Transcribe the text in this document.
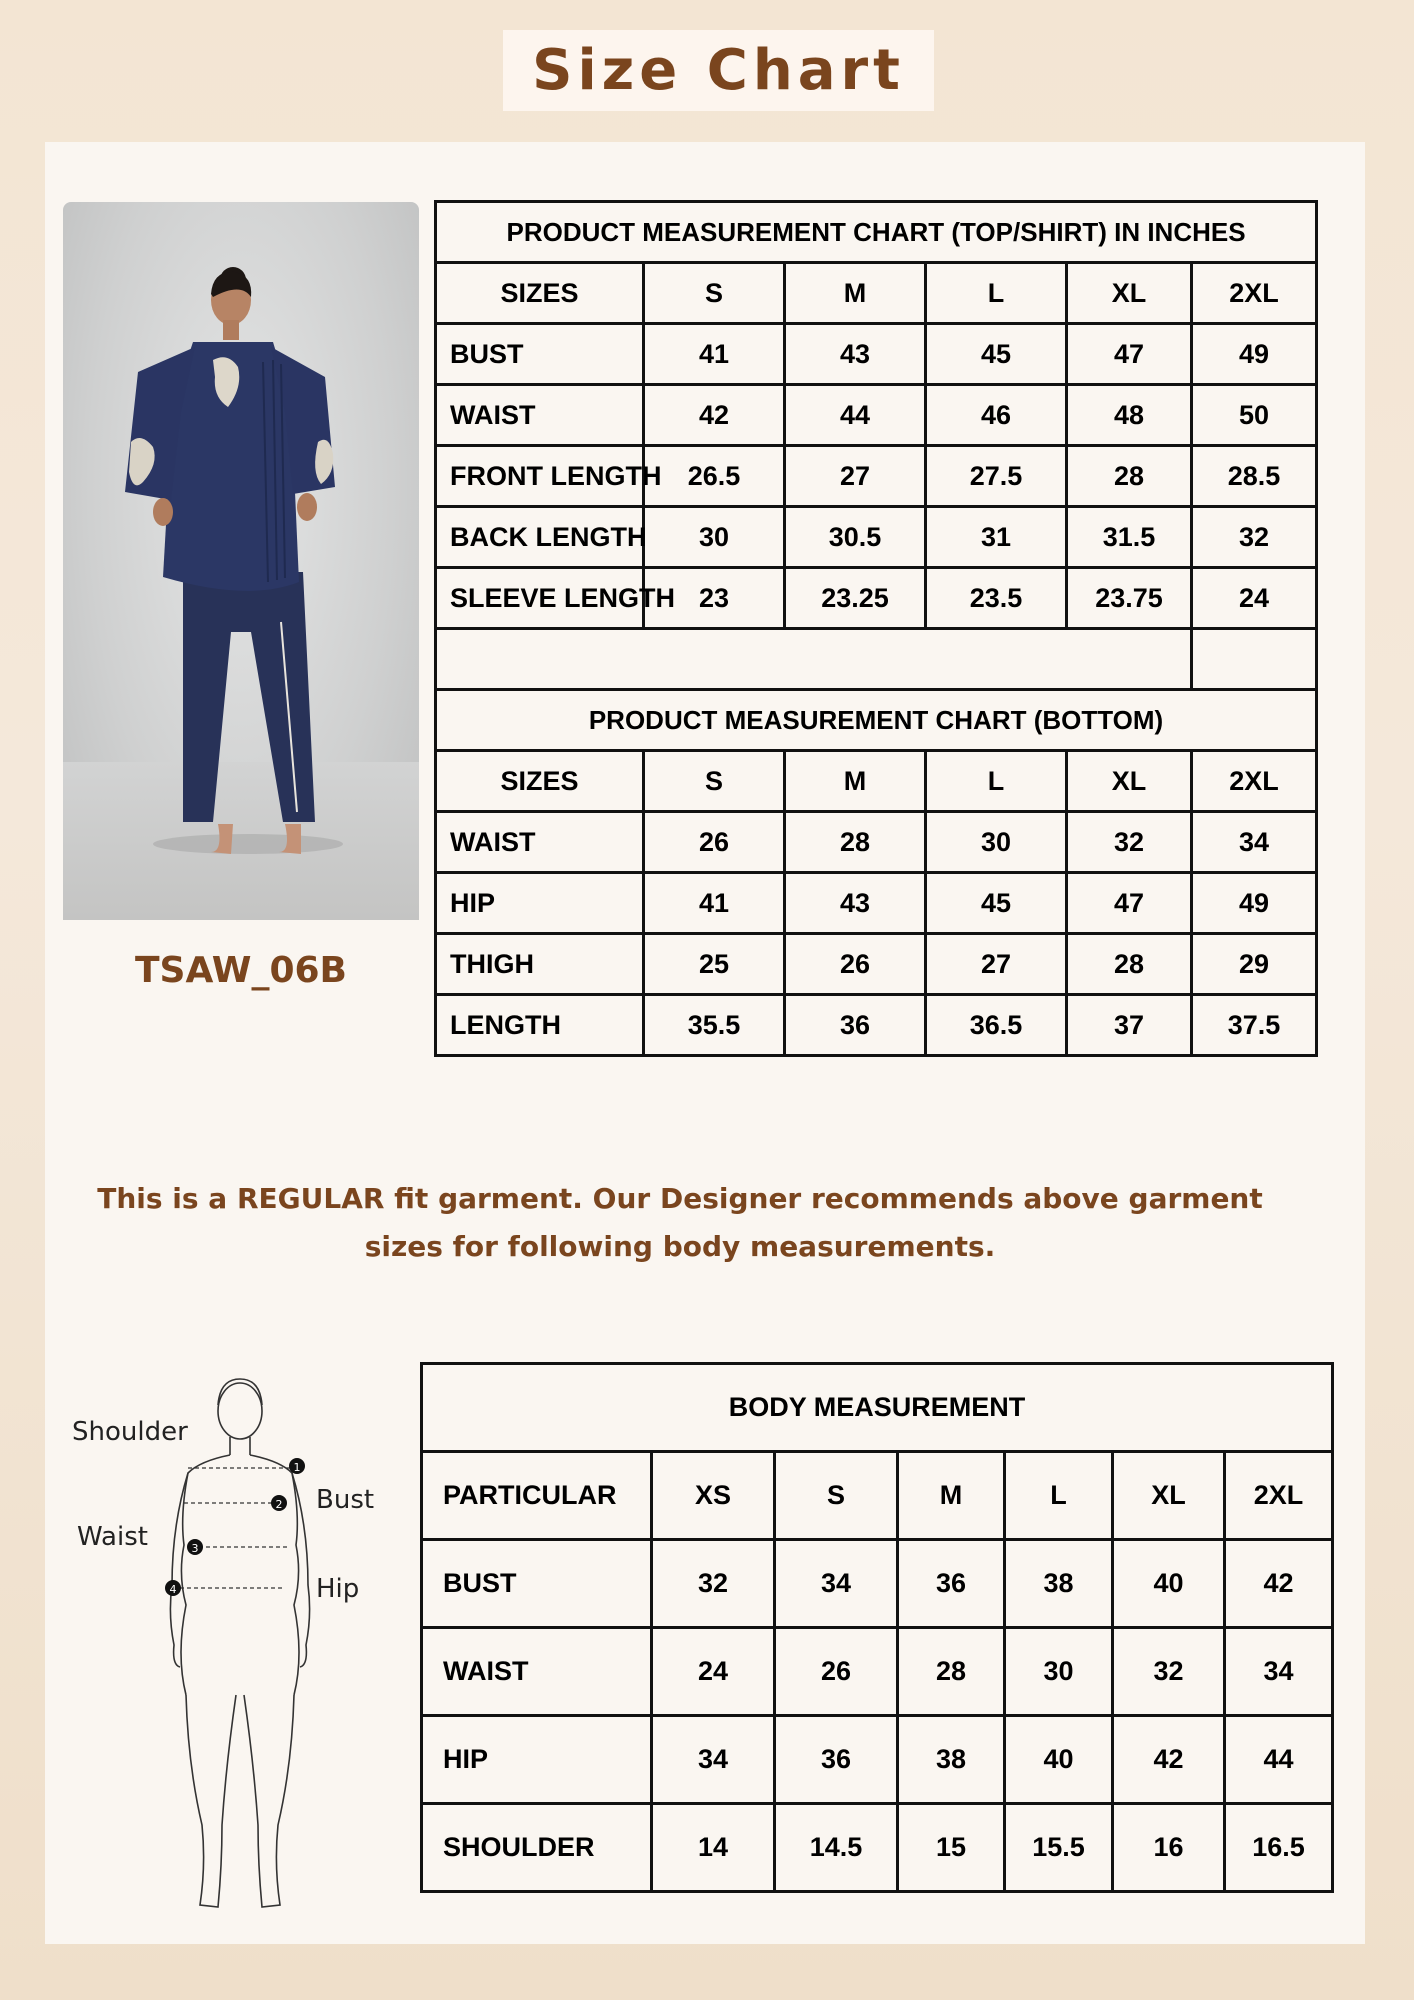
Size Chart
TSAW_06B
PRODUCT MEASUREMENT CHART (TOP/SHIRT) IN INCHES					
SIZES	S	M	L	XL	2XL
BUST	41	43	45	47	49
WAIST	42	44	46	48	50
FRONT LENGTH	26.5	27	27.5	28	28.5
BACK LENGTH	30	30.5	31	31.5	32
SLEEVE LENGTH	23	23.25	23.5	23.75	24

PRODUCT MEASUREMENT CHART (BOTTOM)					
SIZES	S	M	L	XL	2XL
WAIST	26	28	30	32	34
HIP	41	43	45	47	49
THIGH	25	26	27	28	29
LENGTH	35.5	36	36.5	37	37.5
This is a REGULAR fit garment. Our Designer recommends above garment
sizes for following body measurements.
1
2
3
4
Shoulder
Bust
Waist
Hip
BODY MEASUREMENT						
PARTICULAR	XS	S	M	L	XL	2XL
BUST	32	34	36	38	40	42
WAIST	24	26	28	30	32	34
HIP	34	36	38	40	42	44
SHOULDER	14	14.5	15	15.5	16	16.5
